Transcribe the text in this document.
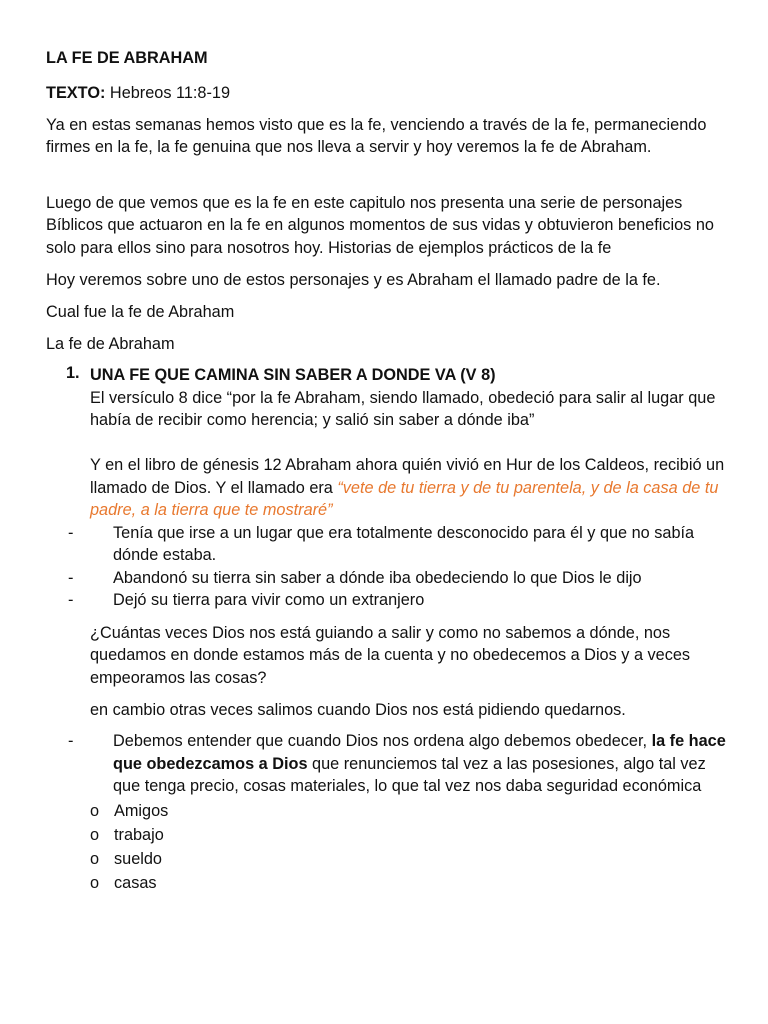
LA FE DE ABRAHAM

TEXTO: Hebreos 11:8-19

Ya en estas semanas hemos visto que es la fe, venciendo a través de la fe, permaneciendo firmes en la fe, la fe genuina que nos lleva a servir y hoy veremos la fe de Abraham.

Luego de que vemos que es la fe en este capitulo nos presenta una serie de personajes Bíblicos que actuaron en la fe en algunos momentos de sus vidas y obtuvieron beneficios no solo para ellos sino para nosotros hoy. Historias de ejemplos prácticos de la fe

Hoy veremos sobre uno de estos personajes y es Abraham el llamado padre de la fe.

Cual fue la fe de Abraham

La fe de Abraham

1. UNA FE QUE CAMINA SIN SABER A DONDE VA (V 8)

El versículo 8 dice “por la fe Abraham, siendo llamado, obedeció para salir al lugar que había de recibir como herencia; y salió sin saber a dónde iba”

Y en el libro de génesis 12 Abraham ahora quién vivió en Hur de los Caldeos, recibió un llamado de Dios. Y el llamado era “vete de tu tierra y de tu parentela, y de la casa de tu padre, a la tierra que te mostraré”

- Tenía que irse a un lugar que era totalmente desconocido para él y que no sabía dónde estaba.
- Abandonó su tierra sin saber a dónde iba obedeciendo lo que Dios le dijo
- Dejó su tierra para vivir como un extranjero

¿Cuántas veces Dios nos está guiando a salir y como no sabemos a dónde, nos quedamos en donde estamos más de la cuenta y no obedecemos a Dios y a veces empeoramos las cosas?

en cambio otras veces salimos cuando Dios nos está pidiendo quedarnos.

- Debemos entender que cuando Dios nos ordena algo debemos obedecer, la fe hace que obedezcamos a Dios que renunciemos tal vez a las posesiones, algo tal vez que tenga precio, cosas materiales, lo que tal vez nos daba seguridad económica
o Amigos
o trabajo
o sueldo
o casas
